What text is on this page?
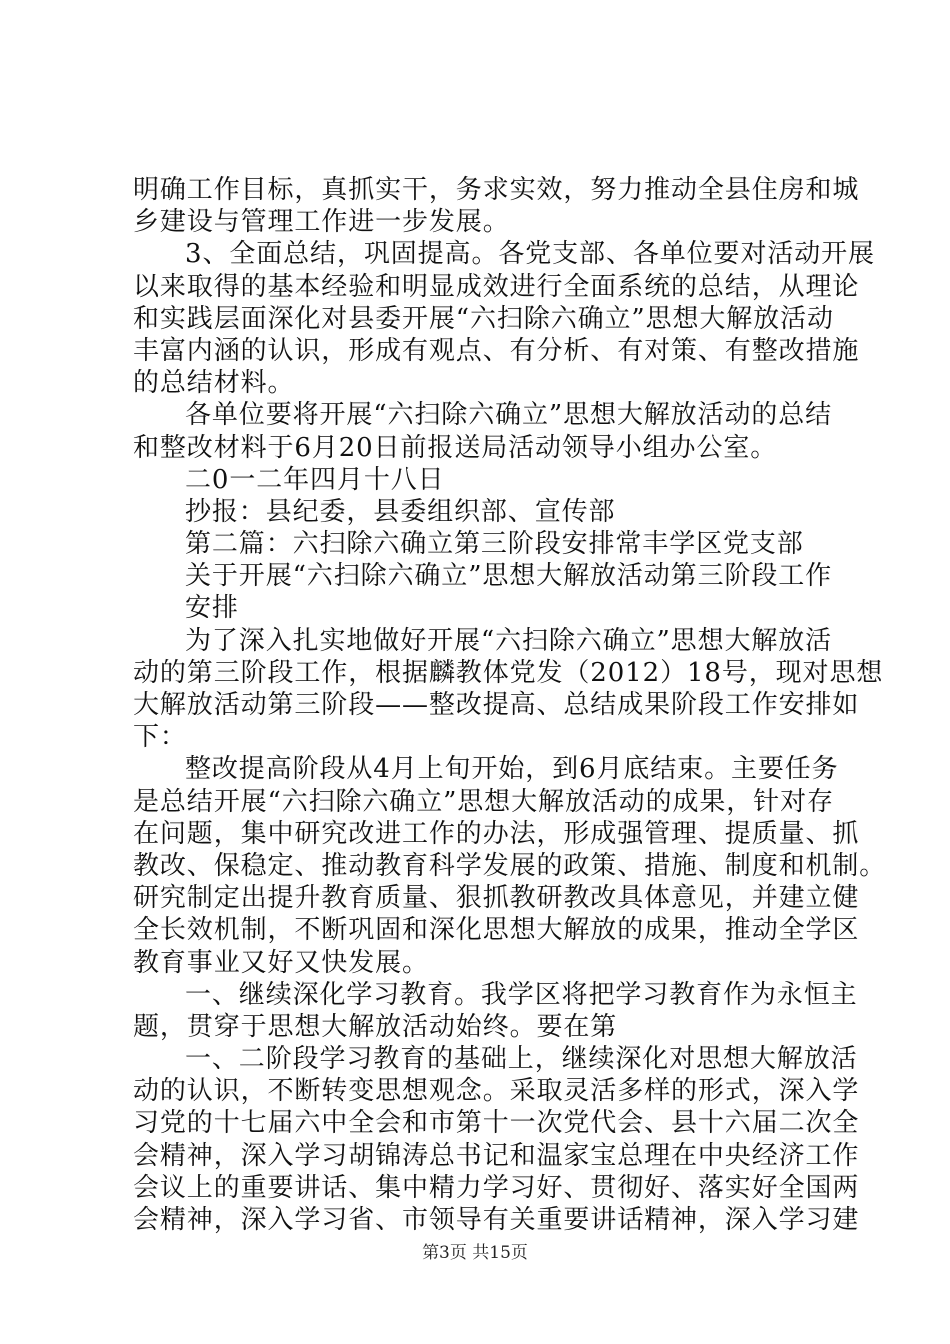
明确工作目标，真抓实干，务求实效，努力推动全县住房和城
乡建设与管理工作进一步发展。
3、全面总结，巩固提高。各党支部、各单位要对活动开展
以来取得的基本经验和明显成效进行全面系统的总结，从理论
和实践层面深化对县委开展“六扫除六确立”思想大解放活动
丰富内涵的认识，形成有观点、有分析、有对策、有整改措施
的总结材料。
各单位要将开展“六扫除六确立”思想大解放活动的总结
和整改材料于6月20日前报送局活动领导小组办公室。
二0一二年四月十八日
抄报：县纪委，县委组织部、宣传部
第二篇：六扫除六确立第三阶段安排常丰学区党支部
关于开展“六扫除六确立”思想大解放活动第三阶段工作
安排
为了深入扎实地做好开展“六扫除六确立”思想大解放活
动的第三阶段工作，根据麟教体党发（2012）18号，现对思想
大解放活动第三阶段——整改提高、总结成果阶段工作安排如
下：
整改提高阶段从4月上旬开始，到6月底结束。主要任务
是总结开展“六扫除六确立”思想大解放活动的成果，针对存
在问题，集中研究改进工作的办法，形成强管理、提质量、抓
教改、保稳定、推动教育科学发展的政策、措施、制度和机制。
研究制定出提升教育质量、狠抓教研教改具体意见，并建立健
全长效机制，不断巩固和深化思想大解放的成果，推动全学区
教育事业又好又快发展。
一、继续深化学习教育。我学区将把学习教育作为永恒主
题，贯穿于思想大解放活动始终。要在第
一、二阶段学习教育的基础上，继续深化对思想大解放活
动的认识，不断转变思想观念。采取灵活多样的形式，深入学
习党的十七届六中全会和市第十一次党代会、县十六届二次全
会精神，深入学习胡锦涛总书记和温家宝总理在中央经济工作
会议上的重要讲话、集中精力学习好、贯彻好、落实好全国两
会精神，深入学习省、市领导有关重要讲话精神，深入学习建
第3页 共15页
